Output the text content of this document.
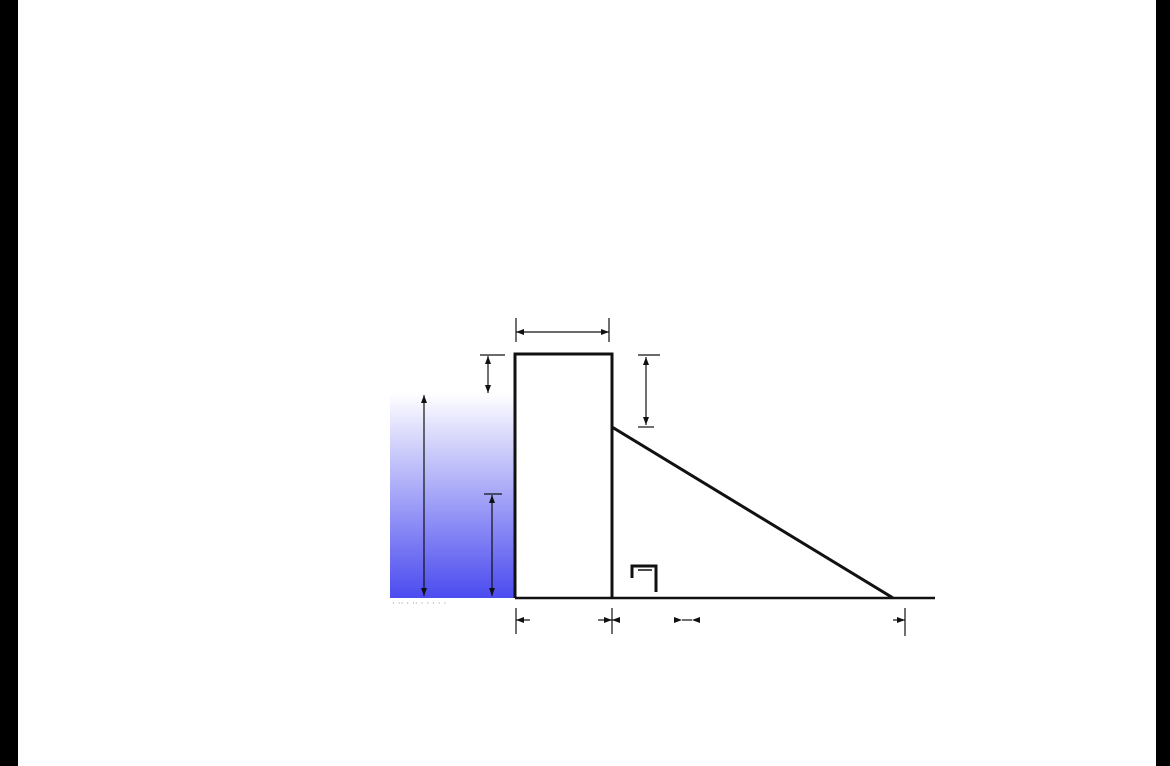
· ·· · ·· · · · · ·
